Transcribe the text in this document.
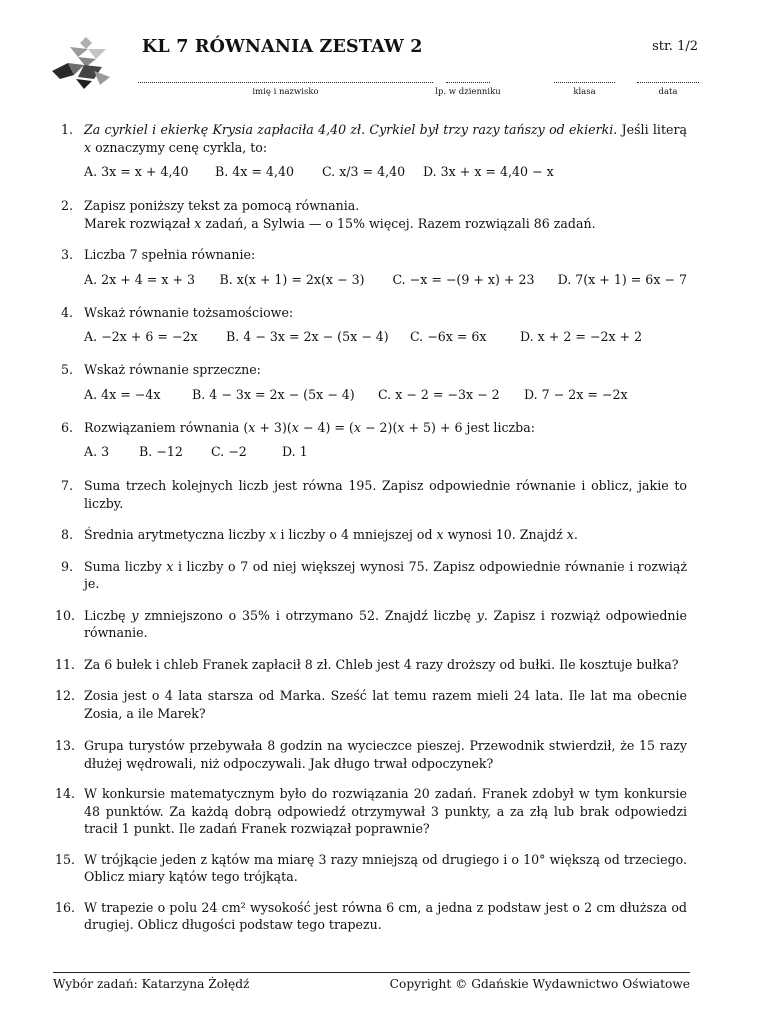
KL 7 RÓWNANIA ZESTAW 2	str. 1/2
imię i nazwisko	lp. w dzienniku	klasa	data
1. Za cyrkiel i ekierkę Krysia zapłaciła 4,40 zł. Cyrkiel był trzy razy tańszy od ekierki. Jeśli literą x oznaczymy cenę cyrkla, to:
A. 3x = x + 4,40	B. 4x = 4,40	C. x/3 = 4,40	D. 3x + x = 4,40 − x
2. Zapisz poniższy tekst za pomocą równania.
Marek rozwiązał x zadań, a Sylwia — o 15% więcej. Razem rozwiązali 86 zadań.
3. Liczba 7 spełnia równanie:
A. 2x + 4 = x + 3	B. x(x + 1) = 2x(x − 3)	C. −x = −(9 + x) + 23	D. 7(x + 1) = 6x − 7
4. Wskaż równanie tożsamościowe:
A. −2x + 6 = −2x	B. 4 − 3x = 2x − (5x − 4)	C. −6x = 6x	D. x + 2 = −2x + 2
5. Wskaż równanie sprzeczne:
A. 4x = −4x	B. 4 − 3x = 2x − (5x − 4)	C. x − 2 = −3x − 2	D. 7 − 2x = −2x
6. Rozwiązaniem równania (x + 3)(x − 4) = (x − 2)(x + 5) + 6 jest liczba:
A. 3	B. −12	C. −2	D. 1
7. Suma trzech kolejnych liczb jest równa 195. Zapisz odpowiednie równanie i oblicz, jakie to liczby.
8. Średnia arytmetyczna liczby x i liczby o 4 mniejszej od x wynosi 10. Znajdź x.
9. Suma liczby x i liczby o 7 od niej większej wynosi 75. Zapisz odpowiednie równanie i rozwiąż je.
10. Liczbę y zmniejszono o 35% i otrzymano 52. Znajdź liczbę y. Zapisz i rozwiąż odpowiednie równanie.
11. Za 6 bułek i chleb Franek zapłacił 8 zł. Chleb jest 4 razy droższy od bułki. Ile kosztuje bułka?
12. Zosia jest o 4 lata starsza od Marka. Sześć lat temu razem mieli 24 lata. Ile lat ma obecnie Zosia, a ile Marek?
13. Grupa turystów przebywała 8 godzin na wycieczce pieszej. Przewodnik stwierdził, że 15 razy dłużej wędrowali, niż odpoczywali. Jak długo trwał odpoczynek?
14. W konkursie matematycznym było do rozwiązania 20 zadań. Franek zdobył w tym konkursie 48 punktów. Za każdą dobrą odpowiedź otrzymywał 3 punkty, a za złą lub brak odpowiedzi tracił 1 punkt. Ile zadań Franek rozwiązał poprawnie?
15. W trójkącie jeden z kątów ma miarę 3 razy mniejszą od drugiego i o 10° większą od trzeciego. Oblicz miary kątów tego trójkąta.
16. W trapezie o polu 24 cm² wysokość jest równa 6 cm, a jedna z podstaw jest o 2 cm dłuższa od drugiej. Oblicz długości podstaw tego trapezu.
Wybór zadań: Katarzyna Żołędź	Copyright © Gdańskie Wydawnictwo Oświatowe
